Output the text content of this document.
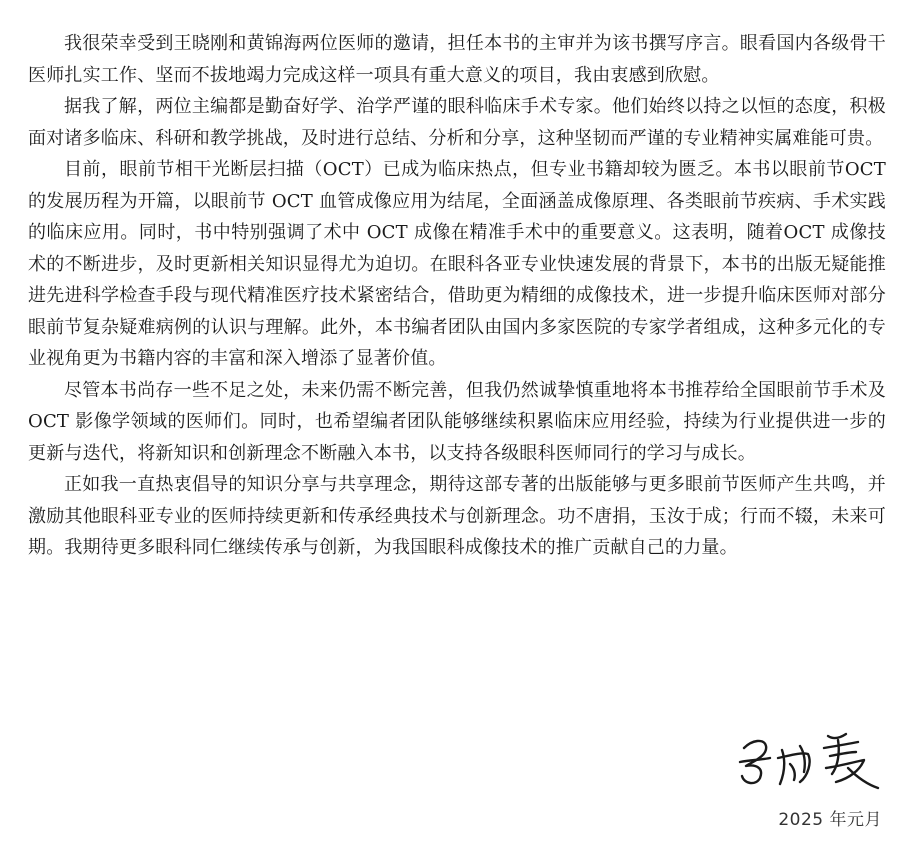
我很荣幸受到王晓刚和黄锦海两位医师的邀请，担任本书的主审并为该书撰写序言。眼看国内各级骨干医师扎实工作、坚而不拔地竭力完成这样一项具有重大意义的项目，我由衷感到欣慰。

据我了解，两位主编都是勤奋好学、治学严谨的眼科临床手术专家。他们始终以持之以恒的态度，积极面对诸多临床、科研和教学挑战，及时进行总结、分析和分享，这种坚韧而严谨的专业精神实属难能可贵。

目前，眼前节相干光断层扫描（OCT）已成为临床热点，但专业书籍却较为匮乏。本书以眼前节OCT 的发展历程为开篇，以眼前节 OCT 血管成像应用为结尾，全面涵盖成像原理、各类眼前节疾病、手术实践的临床应用。同时，书中特别强调了术中 OCT 成像在精准手术中的重要意义。这表明，随着OCT 成像技术的不断进步，及时更新相关知识显得尤为迫切。在眼科各亚专业快速发展的背景下，本书的出版无疑能推进先进科学检查手段与现代精准医疗技术紧密结合，借助更为精细的成像技术，进一步提升临床医师对部分眼前节复杂疑难病例的认识与理解。此外，本书编者团队由国内多家医院的专家学者组成，这种多元化的专业视角更为书籍内容的丰富和深入增添了显著价值。

尽管本书尚存一些不足之处，未来仍需不断完善，但我仍然诚挚慎重地将本书推荐给全国眼前节手术及 OCT 影像学领域的医师们。同时，也希望编者团队能够继续积累临床应用经验，持续为行业提供进一步的更新与迭代，将新知识和创新理念不断融入本书，以支持各级眼科医师同行的学习与成长。

正如我一直热衷倡导的知识分享与共享理念，期待这部专著的出版能够与更多眼前节医师产生共鸣，并激励其他眼科亚专业的医师持续更新和传承经典技术与创新理念。功不唐捐，玉汝于成；行而不辍，未来可期。我期待更多眼科同仁继续传承与创新，为我国眼科成像技术的推广贡献自己的力量。

2025 年元月
